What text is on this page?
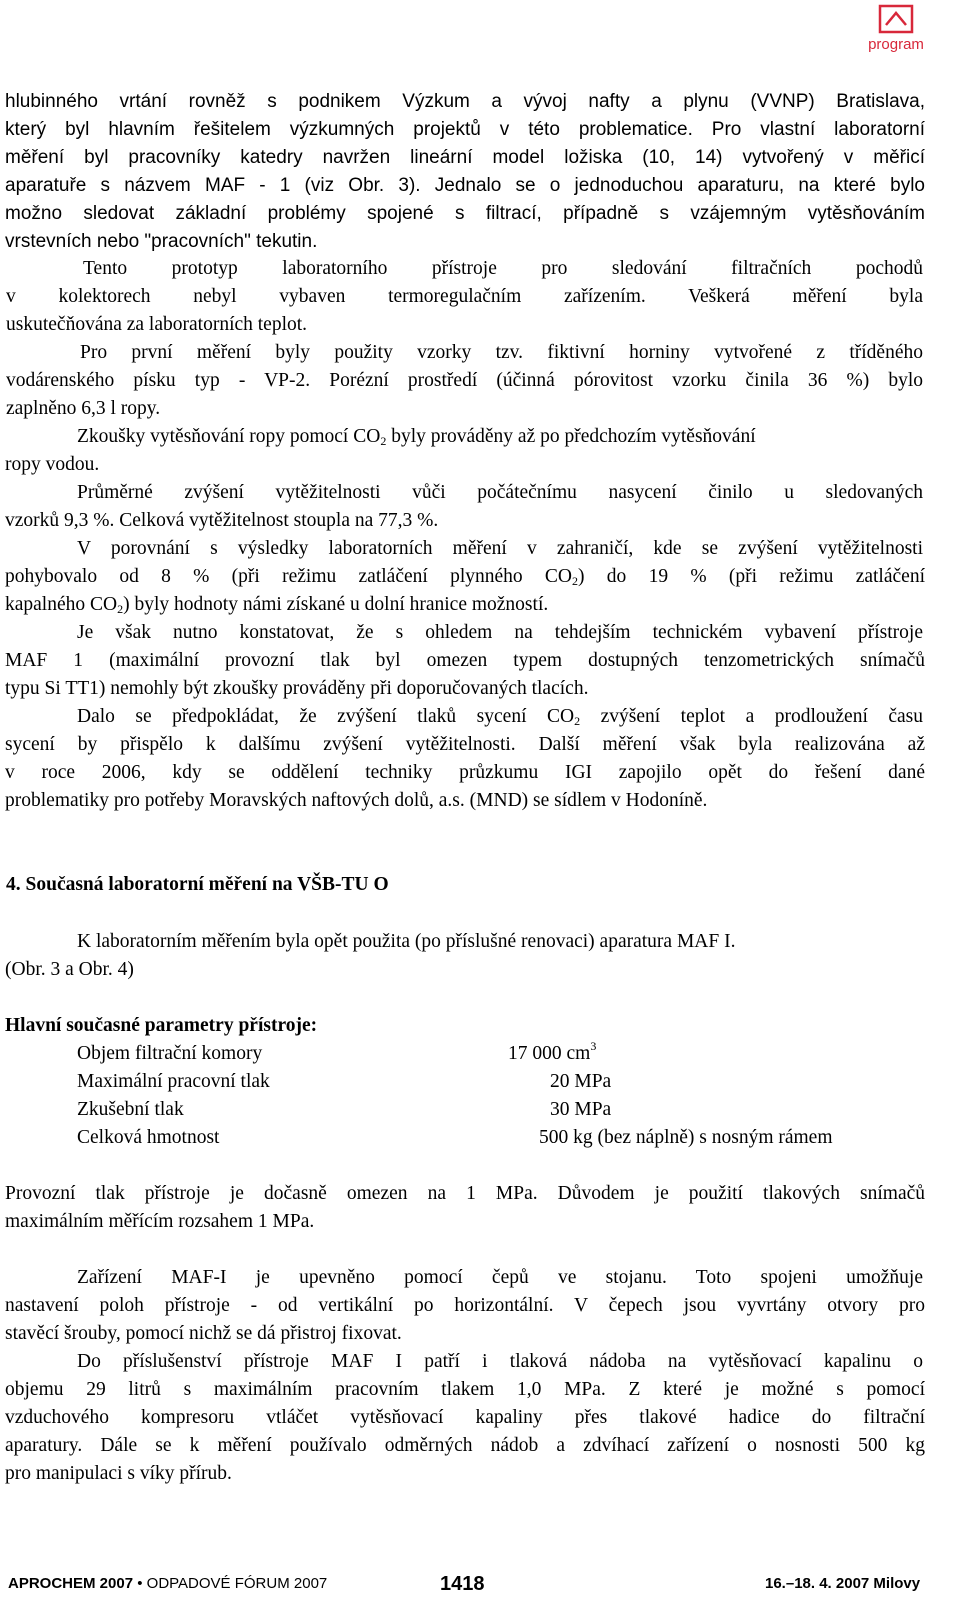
program
hlubinného vrtání rovněž s podnikem Výzkum a vývoj nafty a plynu (VVNP) Bratislava,
který byl hlavním řešitelem výzkumných projektů v této problematice. Pro vlastní laboratorní
měření byl pracovníky katedry navržen lineární model ložiska (10, 14) vytvořený v měřicí
aparatuře s názvem MAF - 1 (viz Obr. 3). Jednalo se o jednoduchou aparaturu, na které bylo
možno sledovat základní problémy spojené s filtrací, případně s vzájemným vytěsňováním
vrstevních nebo "pracovních" tekutin.
Tento prototyp laboratorního přístroje pro sledování filtračních pochodů
v kolektorech nebyl vybaven termoregulačním zařízením. Veškerá měření byla
uskutečňována za laboratorních teplot.
Pro první měření byly použity vzorky tzv. fiktivní horniny vytvořené z tříděného
vodárenského písku typ - VP-2. Porézní prostředí (účinná pórovitost vzorku činila 36 %) bylo
zaplněno 6,3 l ropy.
Zkoušky vytěsňování ropy pomocí $CO_2$ byly prováděny až po předchozím vytěsňování
ropy vodou.
Průměrné zvýšení vytěžitelnosti vůči počátečnímu nasycení činilo u sledovaných
vzorků 9,3 %. Celková vytěžitelnost stoupla na 77,3 %.
V porovnání s výsledky laboratorních měření v zahraničí, kde se zvýšení vytěžitelnosti
pohybovalo od 8 % (při režimu zatláčení plynného $CO_2$) do 19 % (při režimu zatláčení
kapalného $CO_2$) byly hodnoty námi získané u dolní hranice možností.
Je však nutno konstatovat, že s ohledem na tehdejším technickém vybavení přístroje
MAF 1 (maximální provozní tlak byl omezen typem dostupných tenzometrických snímačů
typu Si TT1) nemohly být zkoušky prováděny při doporučovaných tlacích.
Dalo se předpokládat, že zvýšení tlaků sycení $CO_2$ zvýšení teplot a prodloužení času
sycení by přispělo k dalšímu zvýšení vytěžitelnosti. Další měření však byla realizována až
v roce 2006, kdy se oddělení techniky průzkumu IGI zapojilo opět do řešení dané
problematiky pro potřeby Moravských naftových dolů, a.s. (MND) se sídlem v Hodoníně.
4. Současná laboratorní měření na VŠB-TU O
K laboratorním měřením byla opět použita (po příslušné renovaci) aparatura MAF I.
(Obr. 3 a Obr. 4)
Hlavní současné parametry přístroje:
Objem filtrační komory	17 000 $cm^3$
Maximální pracovní tlak	20 MPa
Zkušební tlak	30 MPa
Celková hmotnost	500 kg (bez náplně) s nosným rámem
Provozní tlak přístroje je dočasně omezen na 1 MPa. Důvodem je použití tlakových snímačů
maximálním měřícím rozsahem 1 MPa.
Zařízení MAF-I je upevněno pomocí čepů ve stojanu. Toto spojeni umožňuje
nastavení poloh přístroje - od vertikální po horizontální. V čepech jsou vyvrtány otvory pro
stavěcí šrouby, pomocí nichž se dá přistroj fixovat.
Do příslušenství přístroje MAF I patří i tlaková nádoba na vytěsňovací kapalinu o
objemu 29 litrů s maximálním pracovním tlakem 1,0 MPa. Z které je možné s pomocí
vzduchového kompresoru vtláčet vytěsňovací kapaliny přes tlakové hadice do filtrační
aparatury. Dále se k měření používalo odměrných nádob a zdvíhací zařízení o nosnosti 500 kg
pro manipulaci s víky přírub.
APROCHEM 2007 • ODPADOVÉ FÓRUM 2007	1418	16.–18. 4. 2007 Milovy
